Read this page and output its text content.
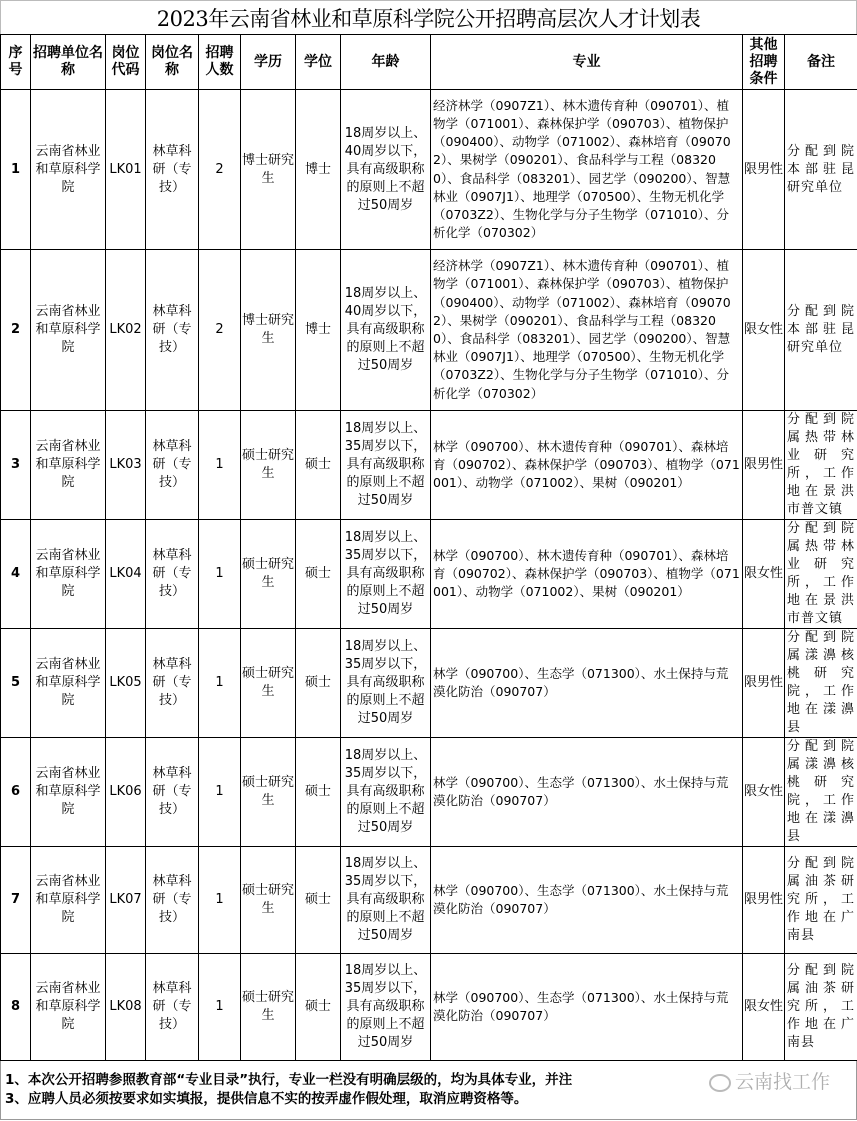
2023年云南省林业和草原科学院公开招聘高层次人才计划表
序号	招聘单位名称	岗位代码	岗位名称	招聘人数	学历	学位	年龄	专业	其他招聘条件	备注
1	云南省林业和草原科学院	LK01	林草科研（专技）	2	博士研究生	博士	18周岁以上、40周岁以下，具有高级职称的原则上不超过50周岁	经济林学（0907Z1）、林木遗传育种（090701）、植物学（071001）、森林保护学（090703）、植物保护（090400）、动物学（071002）、森林培育（090702）、果树学（090201）、食品科学与工程（083200）、食品科学（083201）、园艺学（090200）、智慧林业（0907J1）、地理学（070500）、生物无机化学（0703Z2）、生物化学与分子生物学（071010）、分析化学（070302）	限男性	分配到院本部驻昆研究单位
2	云南省林业和草原科学院	LK02	林草科研（专技）	2	博士研究生	博士	18周岁以上、40周岁以下，具有高级职称的原则上不超过50周岁	经济林学（0907Z1）、林木遗传育种（090701）、植物学（071001）、森林保护学（090703）、植物保护（090400）、动物学（071002）、森林培育（090702）、果树学（090201）、食品科学与工程（083200）、食品科学（083201）、园艺学（090200）、智慧林业（0907J1）、地理学（070500）、生物无机化学（0703Z2）、生物化学与分子生物学（071010）、分析化学（070302）	限女性	分配到院本部驻昆研究单位
3	云南省林业和草原科学院	LK03	林草科研（专技）	1	硕士研究生	硕士	18周岁以上、35周岁以下，具有高级职称的原则上不超过50周岁	林学（090700）、林木遗传育种（090701）、森林培育（090702）、森林保护学（090703）、植物学（071001）、动物学（071002）、果树（090201）	限男性	分配到院属热带林业研究所，工作地在景洪市普文镇
4	云南省林业和草原科学院	LK04	林草科研（专技）	1	硕士研究生	硕士	18周岁以上、35周岁以下，具有高级职称的原则上不超过50周岁	林学（090700）、林木遗传育种（090701）、森林培育（090702）、森林保护学（090703）、植物学（071001）、动物学（071002）、果树（090201）	限女性	分配到院属热带林业研究所，工作地在景洪市普文镇
5	云南省林业和草原科学院	LK05	林草科研（专技）	1	硕士研究生	硕士	18周岁以上、35周岁以下，具有高级职称的原则上不超过50周岁	林学（090700）、生态学（071300）、水土保持与荒漠化防治（090707）	限男性	分配到院属漾濞核桃研究院，工作地在漾濞县
6	云南省林业和草原科学院	LK06	林草科研（专技）	1	硕士研究生	硕士	18周岁以上、35周岁以下，具有高级职称的原则上不超过50周岁	林学（090700）、生态学（071300）、水土保持与荒漠化防治（090707）	限女性	分配到院属漾濞核桃研究院，工作地在漾濞县
7	云南省林业和草原科学院	LK07	林草科研（专技）	1	硕士研究生	硕士	18周岁以上、35周岁以下，具有高级职称的原则上不超过50周岁	林学（090700）、生态学（071300）、水土保持与荒漠化防治（090707）	限男性	分配到院属油茶研究所，工作地在广南县
8	云南省林业和草原科学院	LK08	林草科研（专技）	1	硕士研究生	硕士	18周岁以上、35周岁以下，具有高级职称的原则上不超过50周岁	林学（090700）、生态学（071300）、水土保持与荒漠化防治（090707）	限女性	分配到院属油茶研究所，工作地在广南县
1、本次公开招聘参照教育部“专业目录”执行，专业一栏没有明确层级的，均为具体专业，并注
3、应聘人员必须按要求如实填报，提供信息不实的按弄虚作假处理，取消应聘资格等。
云南找工作
